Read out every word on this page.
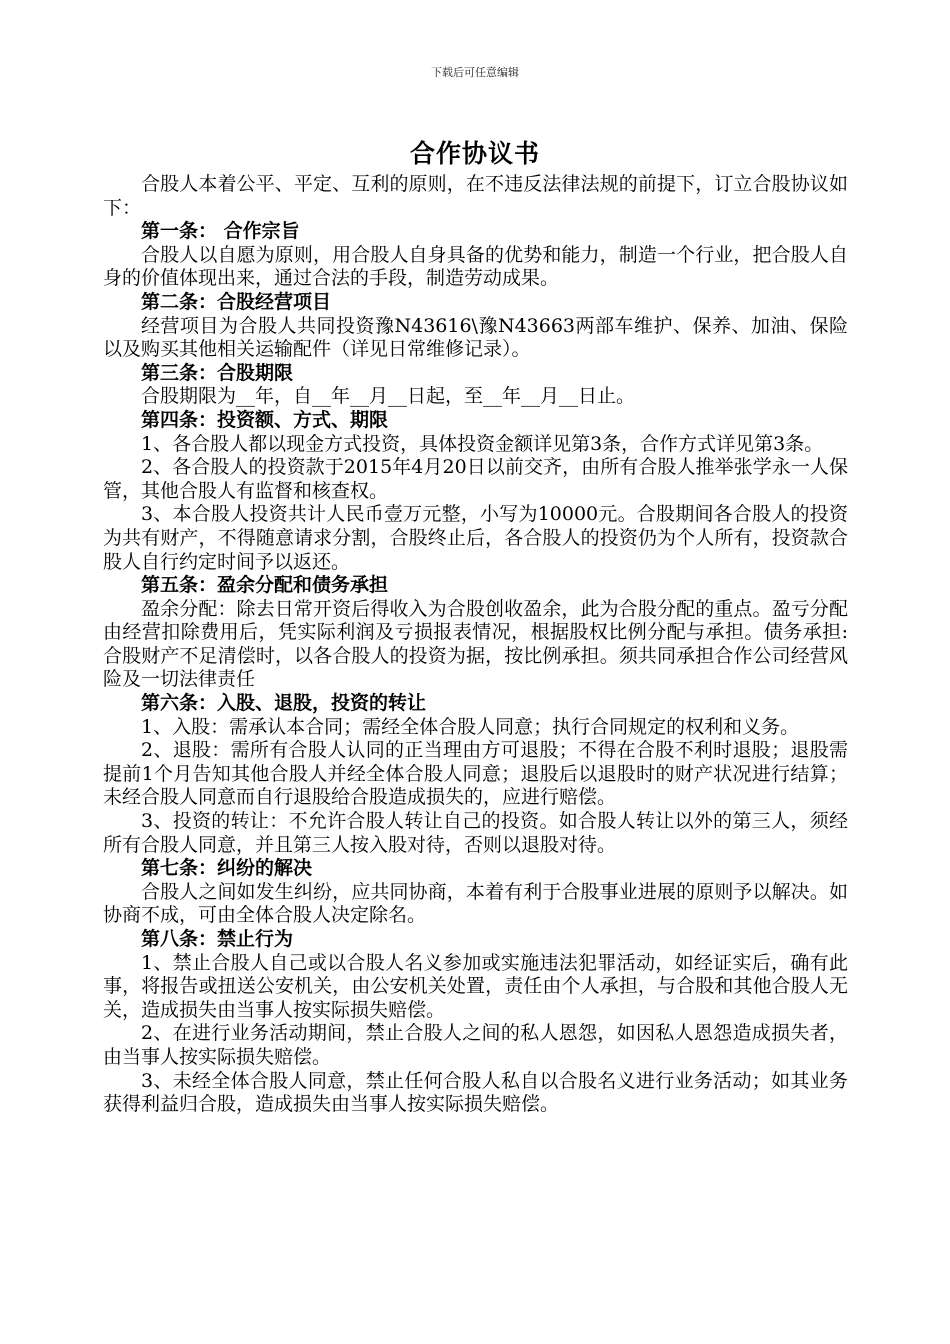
下载后可任意编辑
合作协议书

合股人本着公平、平定、互利的原则，在不违反法律法规的前提下，订立合股协议如下：

第一条： 合作宗旨

合股人以自愿为原则，用合股人自身具备的优势和能力，制造一个行业，把合股人自身的价值体现出来，通过合法的手段，制造劳动成果。

第二条：合股经营项目

经营项目为合股人共同投资豫N43616\豫N43663两部车维护、保养、加油、保险以及购买其他相关运输配件（详见日常维修记录）。

第三条：合股期限

合股期限为__年，自__年__月__日起，至__年__月__日止。

第四条：投资额、方式、期限

1、各合股人都以现金方式投资，具体投资金额详见第3条，合作方式详见第3条。

2、各合股人的投资款于2015年4月20日以前交齐，由所有合股人推举张学永一人保管，其他合股人有监督和核查权。

3、本合股人投资共计人民币壹万元整，小写为10000元。合股期间各合股人的投资为共有财产，不得随意请求分割，合股终止后，各合股人的投资仍为个人所有，投资款合股人自行约定时间予以返还。

第五条：盈余分配和债务承担

盈余分配：除去日常开资后得收入为合股创收盈余，此为合股分配的重点。盈亏分配由经营扣除费用后，凭实际利润及亏损报表情况，根据股权比例分配与承担。债务承担:合股财产不足清偿时，以各合股人的投资为据，按比例承担。须共同承担合作公司经营风险及一切法律责任

第六条：入股、退股，投资的转让

1、入股：需承认本合同；需经全体合股人同意；执行合同规定的权利和义务。

2、退股：需所有合股人认同的正当理由方可退股；不得在合股不利时退股；退股需提前1个月告知其他合股人并经全体合股人同意；退股后以退股时的财产状况进行结算；未经合股人同意而自行退股给合股造成损失的，应进行赔偿。

3、投资的转让：不允许合股人转让自己的投资。如合股人转让以外的第三人，须经所有合股人同意，并且第三人按入股对待，否则以退股对待。

第七条：纠纷的解决

合股人之间如发生纠纷，应共同协商，本着有利于合股事业进展的原则予以解决。如协商不成，可由全体合股人决定除名。

第八条：禁止行为

1、禁止合股人自己或以合股人名义参加或实施违法犯罪活动，如经证实后，确有此事，将报告或扭送公安机关，由公安机关处置，责任由个人承担，与合股和其他合股人无关，造成损失由当事人按实际损失赔偿。

2、在进行业务活动期间，禁止合股人之间的私人恩怨，如因私人恩怨造成损失者，由当事人按实际损失赔偿。

3、未经全体合股人同意，禁止任何合股人私自以合股名义进行业务活动；如其业务获得利益归合股，造成损失由当事人按实际损失赔偿。
